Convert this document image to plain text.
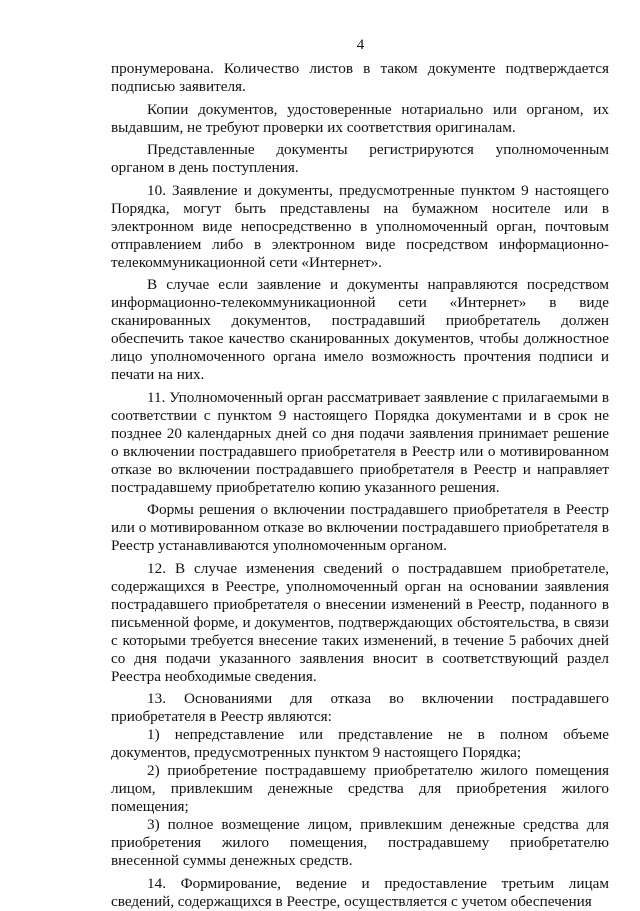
4

пронумерована. Количество листов в таком документе подтверждается подписью заявителя.

Копии документов, удостоверенные нотариально или органом, их выдавшим, не требуют проверки их соответствия оригиналам.

Представленные документы регистрируются уполномоченным органом в день поступления.

10. Заявление и документы, предусмотренные пунктом 9 настоящего Порядка, могут быть представлены на бумажном носителе или в электронном виде непосредственно в уполномоченный орган, почтовым отправлением либо в электронном виде посредством информационно-телекоммуникационной сети «Интернет».

В случае если заявление и документы направляются посредством информационно-телекоммуникационной сети «Интернет» в виде сканированных документов, пострадавший приобретатель должен обеспечить такое качество сканированных документов, чтобы должностное лицо уполномоченного органа имело возможность прочтения подписи и печати на них.

11. Уполномоченный орган рассматривает заявление с прилагаемыми в соответствии с пунктом 9 настоящего Порядка документами и в срок не позднее 20 календарных дней со дня подачи заявления принимает решение о включении пострадавшего приобретателя в Реестр или о мотивированном отказе во включении пострадавшего приобретателя в Реестр и направляет пострадавшему приобретателю копию указанного решения.

Формы решения о включении пострадавшего приобретателя в Реестр или о мотивированном отказе во включении пострадавшего приобретателя в Реестр устанавливаются уполномоченным органом.

12. В случае изменения сведений о пострадавшем приобретателе, содержащихся в Реестре, уполномоченный орган на основании заявления пострадавшего приобретателя о внесении изменений в Реестр, поданного в письменной форме, и документов, подтверждающих обстоятельства, в связи с которыми требуется внесение таких изменений, в течение 5 рабочих дней со дня подачи указанного заявления вносит в соответствующий раздел Реестра необходимые сведения.

13. Основаниями для отказа во включении пострадавшего приобретателя в Реестр являются:

1) непредставление или представление не в полном объеме документов, предусмотренных пунктом 9 настоящего Порядка;

2) приобретение пострадавшему приобретателю жилого помещения лицом, привлекшим денежные средства для приобретения жилого помещения;

3) полное возмещение лицом, привлекшим денежные средства для приобретения жилого помещения, пострадавшему приобретателю внесенной суммы денежных средств.

14. Формирование, ведение и предоставление третьим лицам сведений, содержащихся в Реестре, осуществляется с учетом обеспечения
